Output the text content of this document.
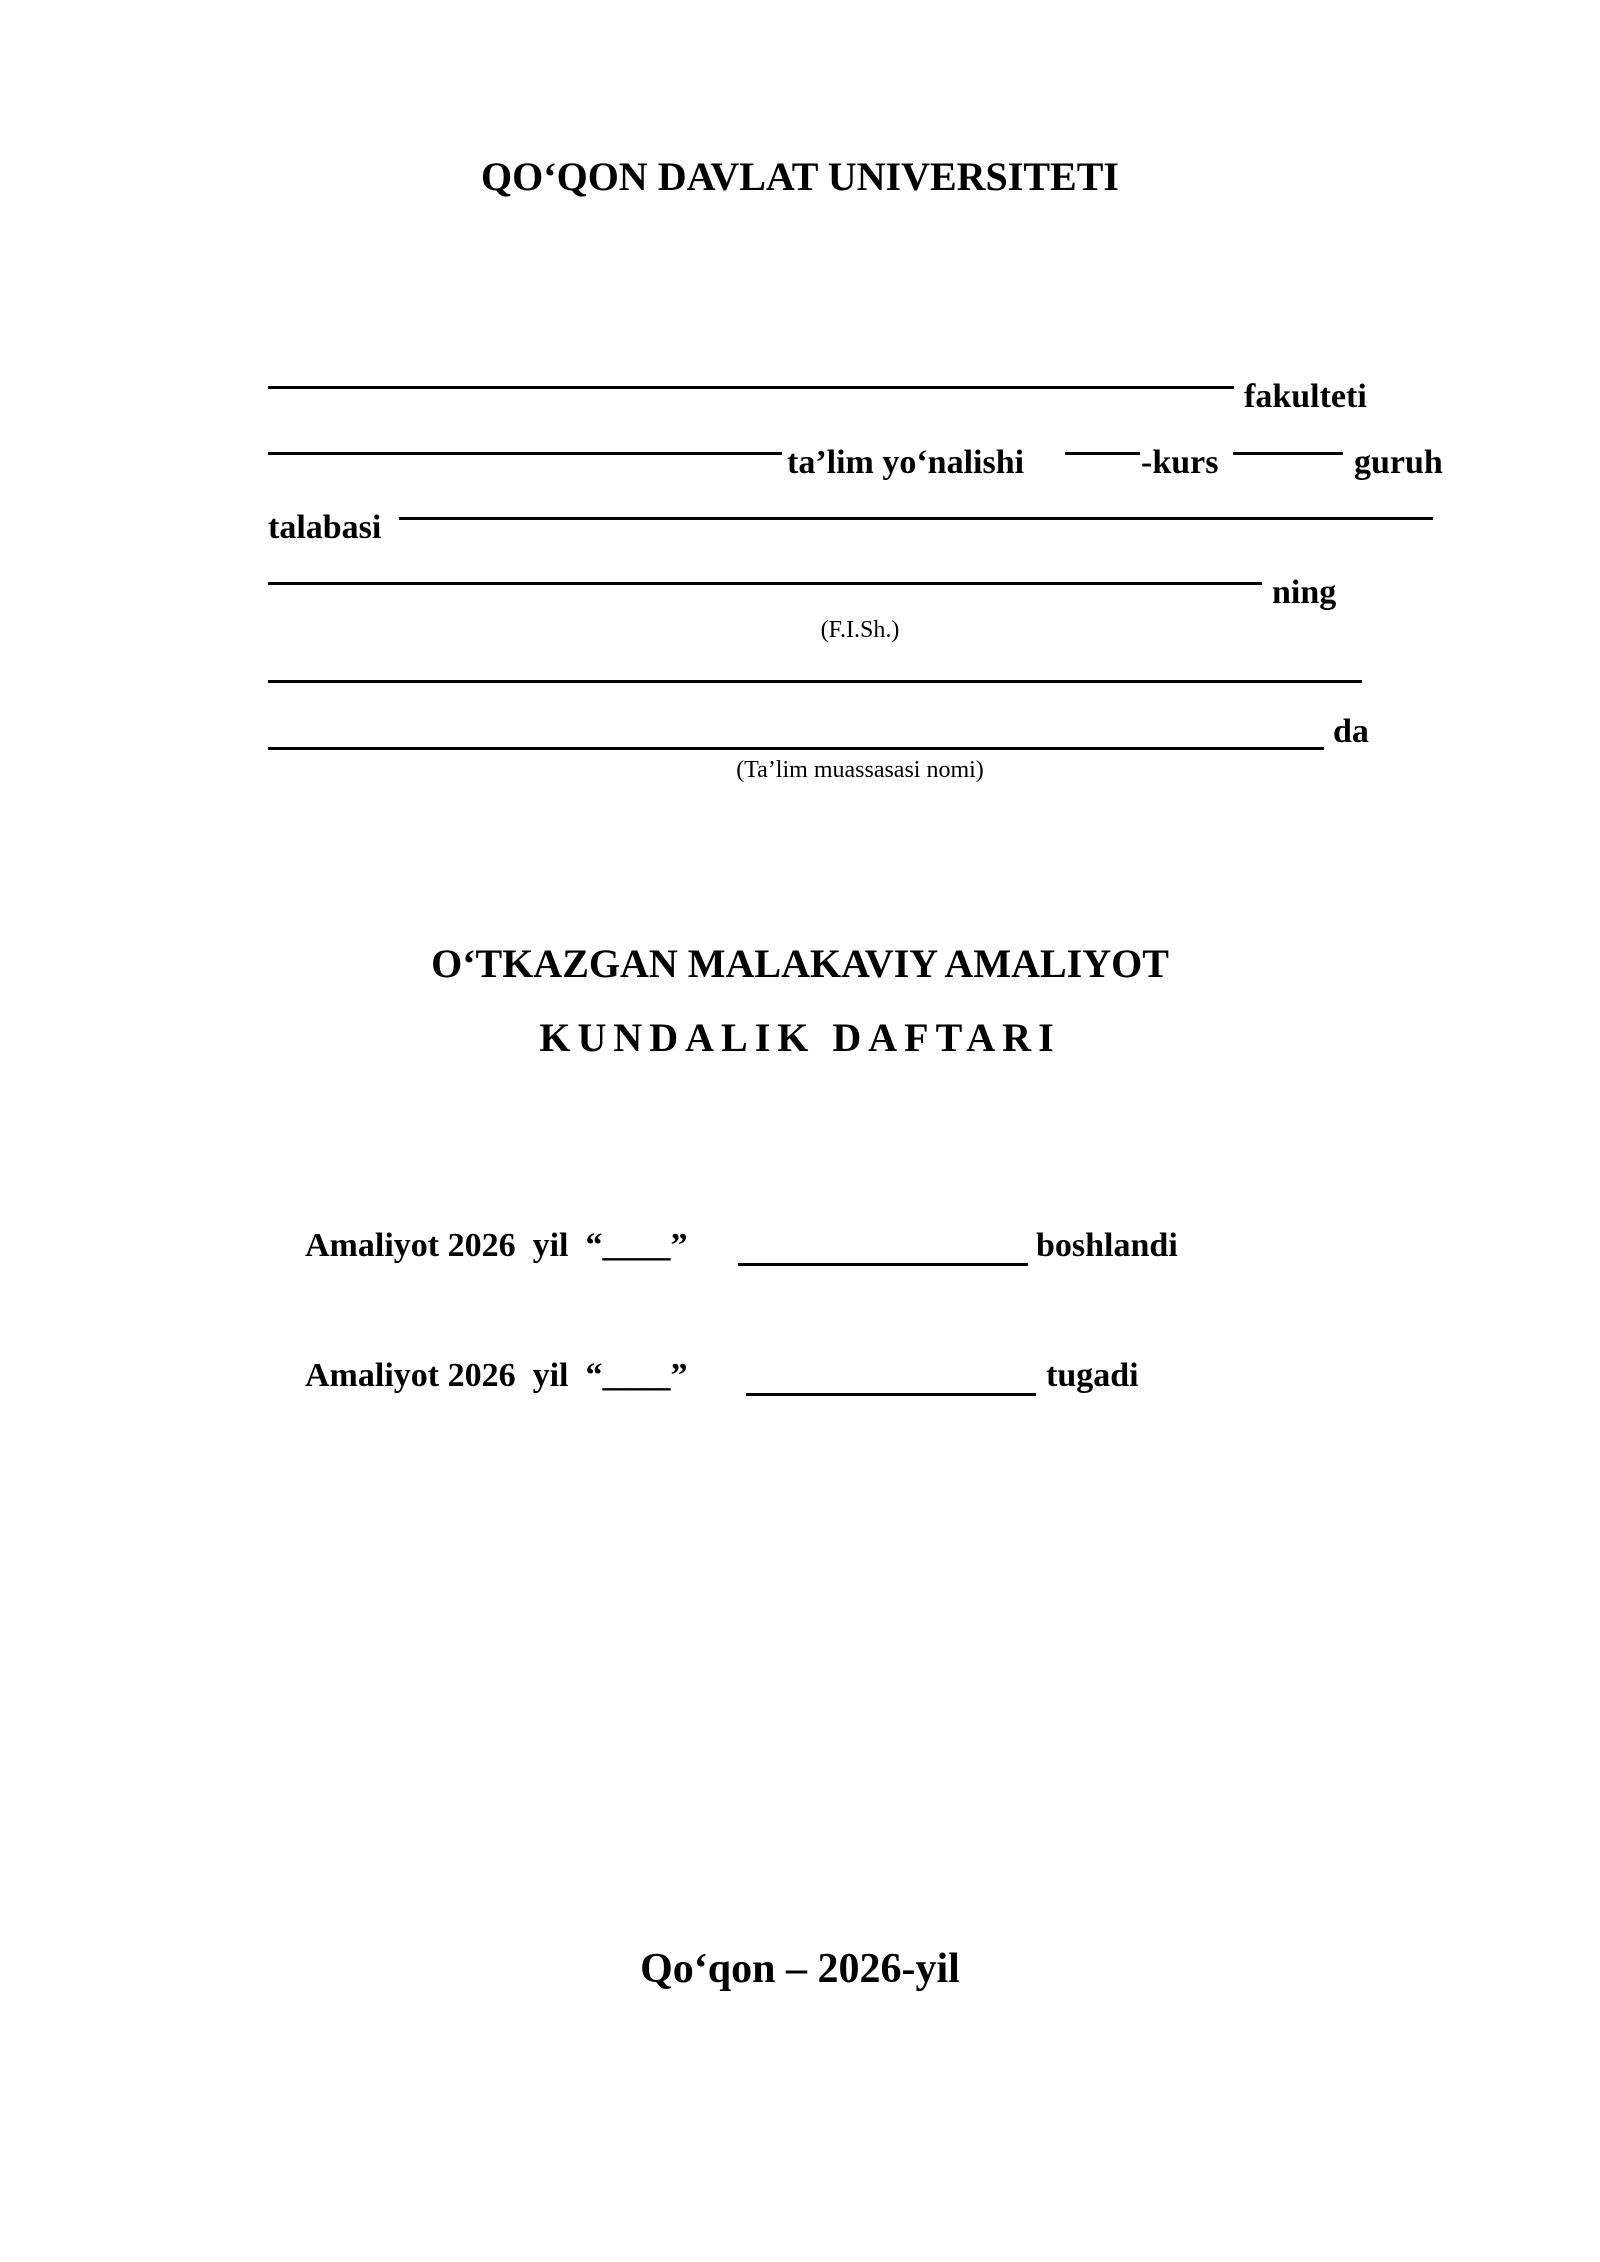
QO‘QON DAVLAT UNIVERSITETI
fakulteti
ta’lim yo‘nalishi	-kurs	guruh
talabasi
ning
(F.I.Sh.)
da
(Ta’lim muassasasi nomi)
O‘TKAZGAN MALAKAVIY AMALIYOT
KUNDALIK DAFTARI
Amaliyot 2026  yil “____”	boshlandi
Amaliyot 2026  yil “____”	tugadi
Qo‘qon – 2026-yil
